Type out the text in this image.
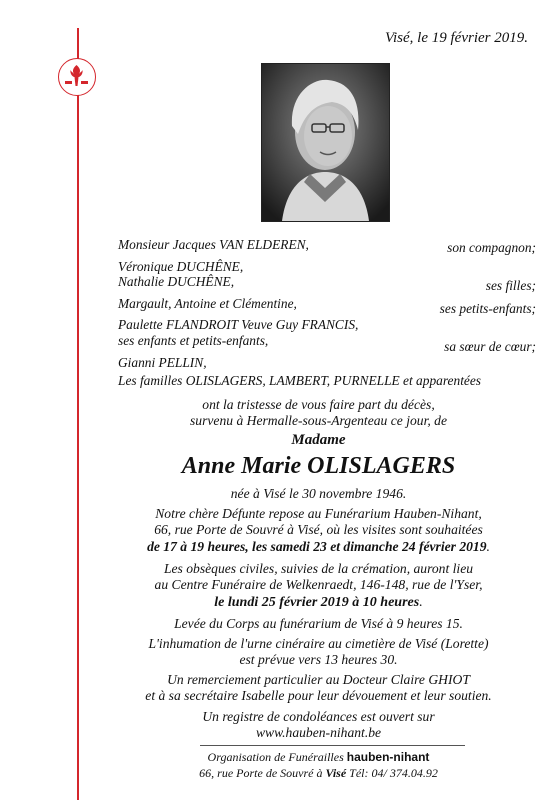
Visé, le 19 février 2019.
Monsieur Jacques VAN ELDEREN,	son compagnon;
Véronique DUCHÊNE,
Nathalie DUCHÊNE,	ses filles;
Margault, Antoine et Clémentine,	ses petits-enfants;
Paulette FLANDROIT Veuve Guy FRANCIS,
ses enfants et petits-enfants,	sa sœur de cœur;
Gianni PELLIN,
Les familles OLISLAGERS, LAMBERT, PURNELLE et apparentées
ont la tristesse de vous faire part du décès,
survenu à Hermalle-sous-Argenteau ce jour, de
Madame
Anne Marie OLISLAGERS
née à Visé le 30 novembre 1946.
Notre chère Défunte repose au Funérarium Hauben-Nihant,
66, rue Porte de Souvré à Visé, où les visites sont souhaitées
de 17 à 19 heures, les samedi 23 et dimanche 24 février 2019.
Les obsèques civiles, suivies de la crémation, auront lieu
au Centre Funéraire de Welkenraedt, 146-148, rue de l'Yser,
le lundi 25 février 2019 à 10 heures.
Levée du Corps au funérarium de Visé à 9 heures 15.
L'inhumation de l'urne cinéraire au cimetière de Visé (Lorette)
est prévue vers 13 heures 30.
Un remerciement particulier au Docteur Claire GHIOT
et à sa secrétaire Isabelle pour leur dévouement et leur soutien.
Un registre de condoléances est ouvert sur
www.hauben-nihant.be
Organisation de Funérailles hauben-nihant
66, rue Porte de Souvré à Visé Tél: 04/ 374.04.92
